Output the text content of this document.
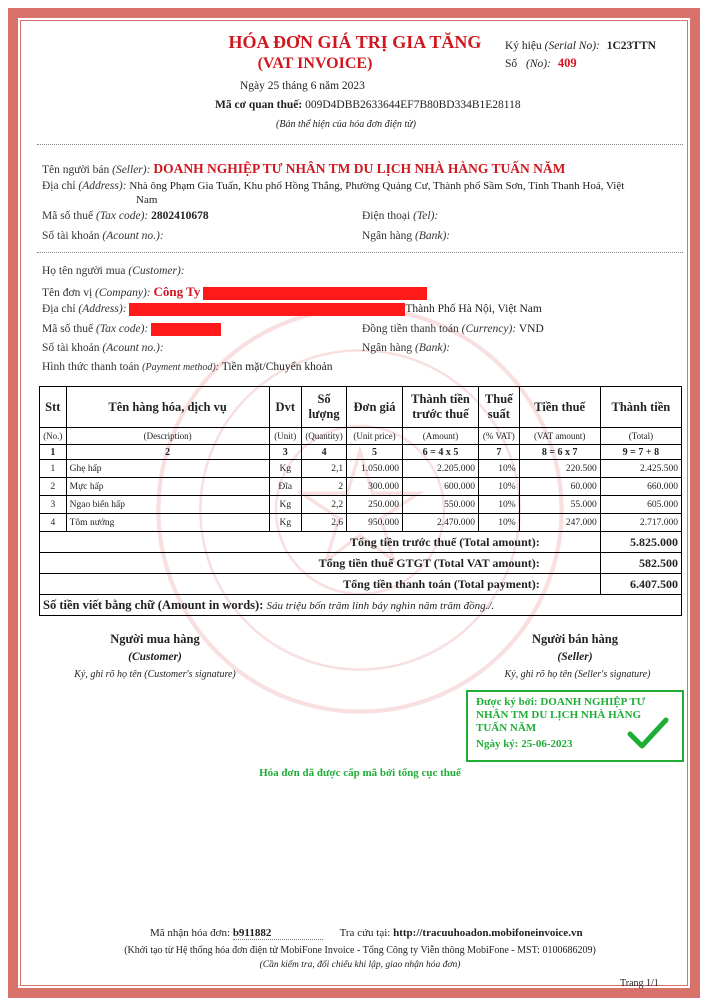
HÓA ĐƠN GIÁ TRỊ GIA TĂNG
(VAT INVOICE)
Ngày 25 tháng 6 năm 2023
Mã cơ quan thuế: 009D4DBB2633644EF7B80BD334B1E28118
(Bản thể hiện của hóa đơn điện tử)
Ký hiệu (Serial No): 1C23TTN
Số (No): 409
Tên người bán (Seller): DOANH NGHIỆP TƯ NHÂN TM DU LỊCH NHÀ HÀNG TUẤN NĂM
Địa chỉ (Address): Nhà ông Phạm Gia Tuấn, Khu phố Hồng Thắng, Phường Quảng Cư, Thành phố Sầm Sơn, Tỉnh Thanh Hoá, Việt
Nam
Mã số thuế (Tax code): 2802410678	Điện thoại (Tel):
Số tài khoản (Acount no.):	Ngân hàng (Bank):
Họ tên người mua (Customer):
Tên đơn vị (Company): Công Ty
Địa chỉ (Address):	Thành Phố Hà Nội, Việt Nam
Mã số thuế (Tax code):	Đồng tiền thanh toán (Currency): VND
Số tài khoản (Acount no.):	Ngân hàng (Bank):
Hình thức thanh toán (Payment method): Tiền mặt/Chuyển khoản
Stt	Tên hàng hóa, dịch vụ	Dvt	Số lượng	Đơn giá	Thành tiền trước thuế	Thuế suất	Tiền thuế	Thành tiền
(No.)	(Description)	(Unit)	(Quantity)	(Unit price)	(Amount)	(% VAT)	(VAT amount)	(Total)
1	2	3	4	5	6 = 4 x 5	7	8 = 6 x 7	9 = 7 + 8
1	Ghẹ hấp	Kg	2,1	1.050.000	2.205.000	10%	220.500	2.425.500
2	Mực hấp	Đĩa	2	300.000	600.000	10%	60.000	660.000
3	Ngao biển hấp	Kg	2,2	250.000	550.000	10%	55.000	605.000
4	Tôm nướng	Kg	2,6	950.000	2.470.000	10%	247.000	2.717.000
Tổng tiền trước thuế (Total amount):								5.825.000
Tổng tiền thuế GTGT (Total VAT amount):								582.500
Tổng tiền thanh toán (Total payment):								6.407.500
Số tiền viết bằng chữ (Amount in words): Sáu triệu bốn trăm linh bảy nghìn năm trăm đồng./.								
Người mua hàng
(Customer)
Ký, ghi rõ họ tên (Customer's signature)
Người bán hàng
(Seller)
Ký, ghi rõ họ tên (Seller's signature)
Được ký bởi: DOANH NGHIỆP TƯ NHÂN TM DU LỊCH NHÀ HÀNG TUẤN NĂM
Ngày ký: 25-06-2023
Hóa đơn đã được cấp mã bởi tổng cục thuế
Mã nhận hóa đơn: b911882	Tra cứu tại: http://tracuuhoadon.mobifoneinvoice.vn
(Khởi tạo từ Hệ thống hóa đơn điện tử MobiFone Invoice - Tổng Công ty Viễn thông MobiFone - MST: 0100686209)
(Cần kiểm tra, đối chiếu khi lập, giao nhận hóa đơn)
Trang 1/1
